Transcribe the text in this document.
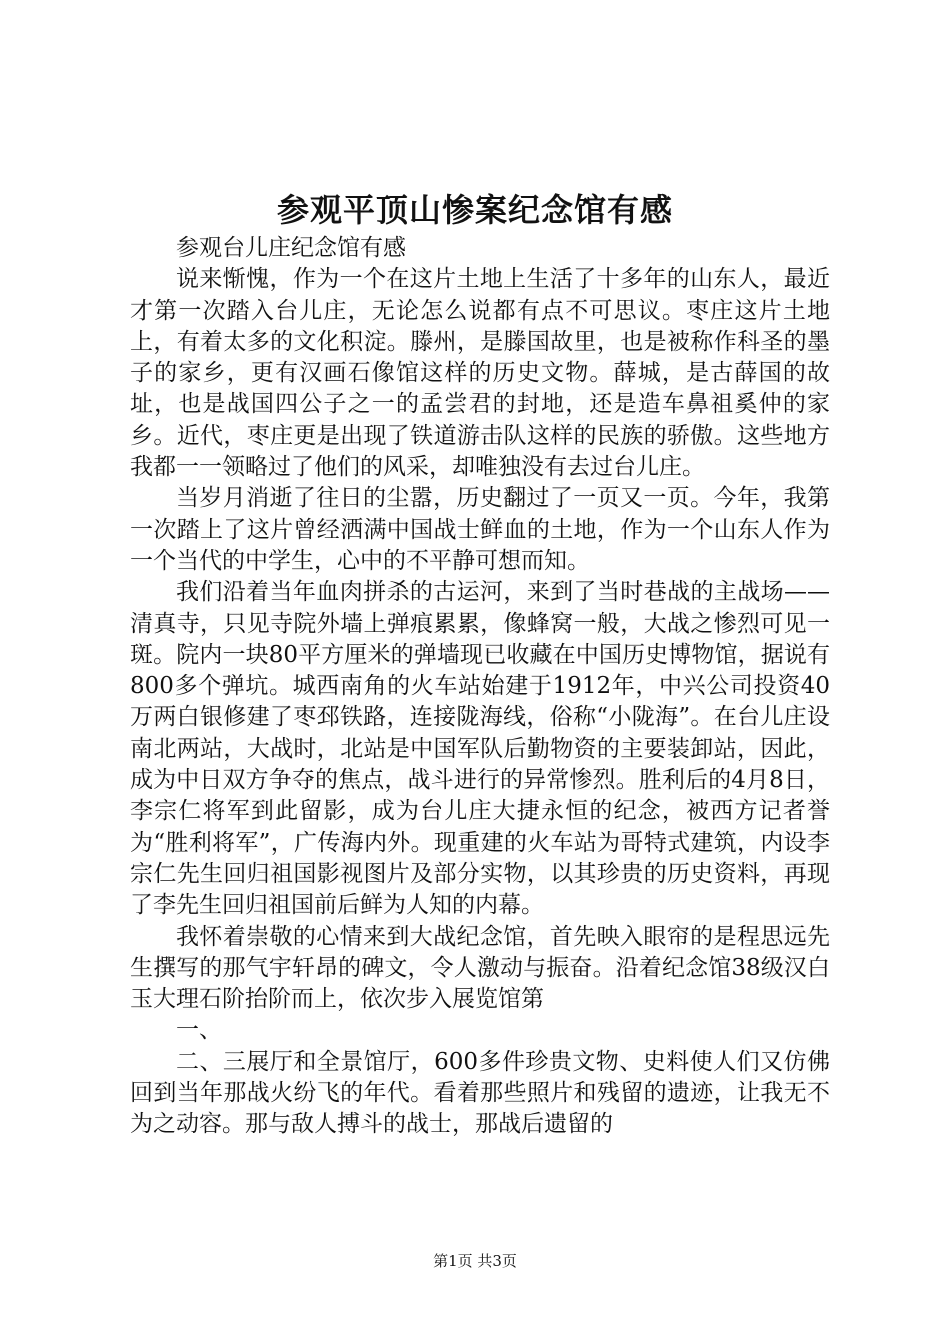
参观平顶山惨案纪念馆有感

参观台儿庄纪念馆有感

说来惭愧，作为一个在这片土地上生活了十多年的山东人，最近才第一次踏入台儿庄，无论怎么说都有点不可思议。枣庄这片土地上，有着太多的文化积淀。滕州，是滕国故里，也是被称作科圣的墨子的家乡，更有汉画石像馆这样的历史文物。薛城，是古薛国的故址，也是战国四公子之一的孟尝君的封地，还是造车鼻祖奚仲的家乡。近代，枣庄更是出现了铁道游击队这样的民族的骄傲。这些地方我都一一领略过了他们的风采，却唯独没有去过台儿庄。

当岁月消逝了往日的尘嚣，历史翻过了一页又一页。今年，我第一次踏上了这片曾经洒满中国战士鲜血的土地，作为一个山东人作为一个当代的中学生，心中的不平静可想而知。

我们沿着当年血肉拼杀的古运河，来到了当时巷战的主战场——清真寺，只见寺院外墙上弹痕累累，像蜂窝一般，大战之惨烈可见一斑。院内一块80平方厘米的弹墙现已收藏在中国历史博物馆，据说有800多个弹坑。城西南角的火车站始建于1912年，中兴公司投资40万两白银修建了枣邳铁路，连接陇海线，俗称“小陇海”。在台儿庄设南北两站，大战时，北站是中国军队后勤物资的主要装卸站，因此，成为中日双方争夺的焦点，战斗进行的异常惨烈。胜利后的4月8日，李宗仁将军到此留影，成为台儿庄大捷永恒的纪念，被西方记者誉为“胜利将军”，广传海内外。现重建的火车站为哥特式建筑，内设李宗仁先生回归祖国影视图片及部分实物，以其珍贵的历史资料，再现了李先生回归祖国前后鲜为人知的内幕。

我怀着崇敬的心情来到大战纪念馆，首先映入眼帘的是程思远先生撰写的那气宇轩昂的碑文，令人激动与振奋。沿着纪念馆38级汉白玉大理石阶抬阶而上，依次步入展览馆第

一、

二、三展厅和全景馆厅，600多件珍贵文物、史料使人们又仿佛回到当年那战火纷飞的年代。看着那些照片和残留的遗迹，让我无不为之动容。那与敌人搏斗的战士，那战后遗留的

第1页 共3页
